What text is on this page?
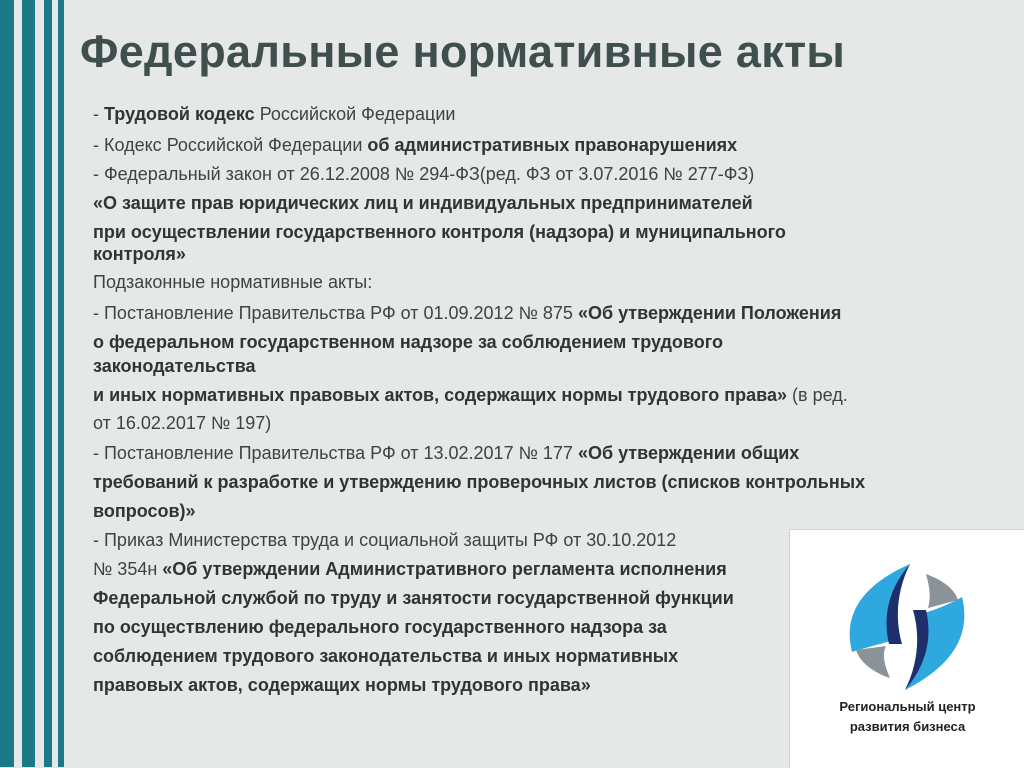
Федеральные нормативные акты
- Трудовой кодекс Российской Федерации
- Кодекс Российской Федерации об административных правонарушениях
- Федеральный закон от 26.12.2008 № 294-ФЗ(ред. ФЗ от 3.07.2016 № 277-ФЗ)
«О защите прав юридических лиц и индивидуальных предпринимателей
при осуществлении государственного контроля (надзора) и муниципального
контроля»
Подзаконные нормативные акты:
- Постановление Правительства РФ от 01.09.2012 № 875 «Об утверждении Положения
о федеральном государственном надзоре за соблюдением трудового
законодательства
и иных нормативных правовых актов, содержащих нормы трудового права» (в ред.
от 16.02.2017 № 197)
- Постановление Правительства РФ от 13.02.2017 № 177 «Об утверждении общих
требований к разработке и утверждению проверочных листов (списков контрольных
вопросов)»
- Приказ Министерства труда и социальной защиты РФ от 30.10.2012
№ 354н «Об утверждении Административного регламента исполнения
Федеральной службой по труду и занятости государственной функции
по осуществлению федерального государственного надзора за
соблюдением трудового законодательства и иных нормативных
правовых актов, содержащих нормы трудового права»
Региональный центр
развития бизнеса
